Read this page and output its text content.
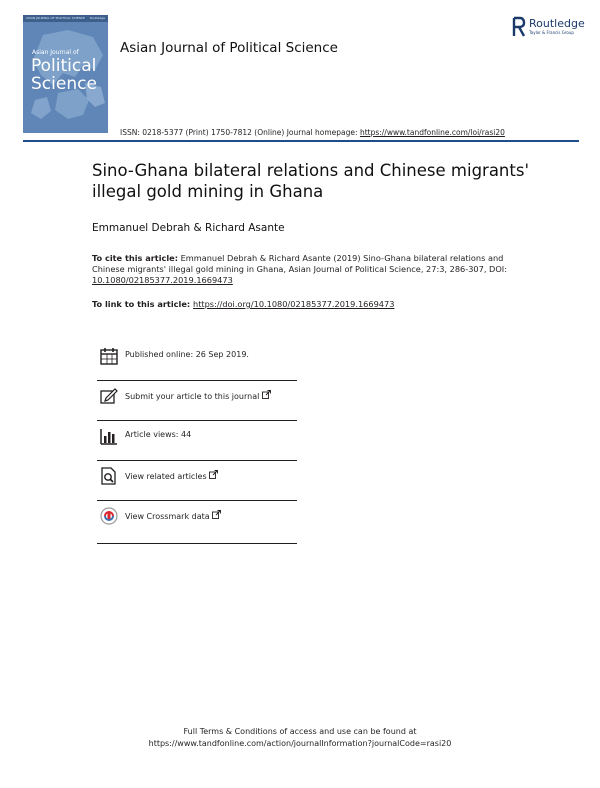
ASIAN JOURNAL OF POLITICAL SCIENCE Routledge
Asian Journal of
Political
Science
Asian Journal of Political Science
Routledge
Taylor & Francis Group
ISSN: 0218-5377 (Print) 1750-7812 (Online) Journal homepage: https://www.tandfonline.com/loi/rasi20
Sino-Ghana bilateral relations and Chinese migrants' illegal gold mining in Ghana
Emmanuel Debrah & Richard Asante
To cite this article: Emmanuel Debrah & Richard Asante (2019) Sino-Ghana bilateral relations and Chinese migrants' illegal gold mining in Ghana, Asian Journal of Political Science, 27:3, 286-307, DOI: 10.1080/02185377.2019.1669473
To link to this article: https://doi.org/10.1080/02185377.2019.1669473
Published online: 26 Sep 2019.
Submit your article to this journal
Article views: 44
View related articles
View Crossmark data
Full Terms & Conditions of access and use can be found at
https://www.tandfonline.com/action/journalInformation?journalCode=rasi20
